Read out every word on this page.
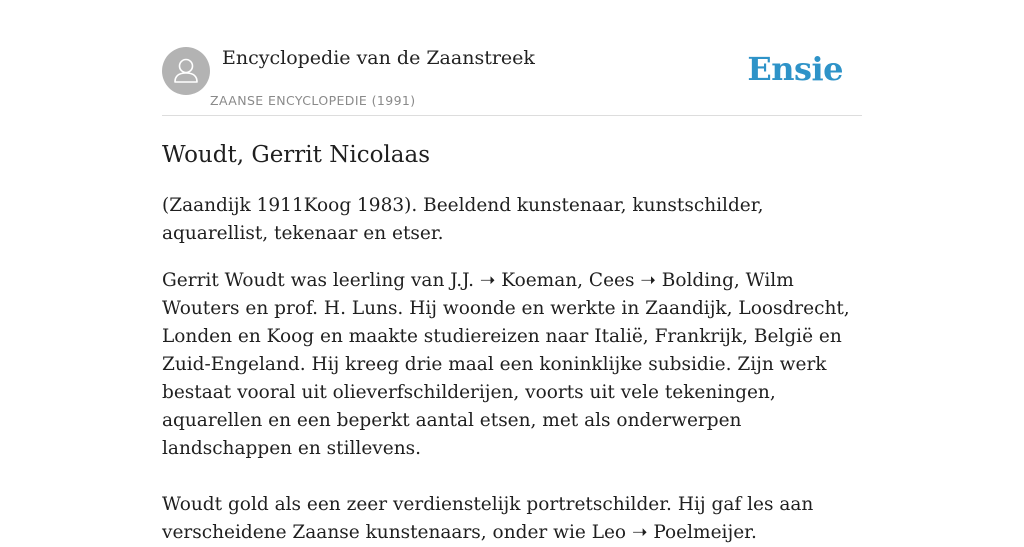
Encyclopedie van de Zaanstreek
ZAANSE ENCYCLOPEDIE (1991)
Ensie
Woudt, Gerrit Nicolaas

(Zaandijk 1911Koog 1983). Beeldend kunstenaar, kunstschilder, aquarellist, tekenaar en etser.

Gerrit Woudt was leerling van J.J. ➝ Koeman, Cees ➝ Bolding, Wilm Wouters en prof. H. Luns. Hij woonde en werkte in Zaandijk, Loosdrecht, Londen en Koog en maakte studiereizen naar Italië, Frankrijk, België en Zuid-Engeland. Hij kreeg drie maal een koninklijke subsidie. Zijn werk bestaat vooral uit olieverfschilderijen, voorts uit vele tekeningen, aquarellen en een beperkt aantal etsen, met als onderwerpen landschappen en stillevens.

Woudt gold als een zeer verdienstelijk portretschilder. Hij gaf les aan verscheidene Zaanse kunstenaars, onder wie Leo ➝ Poelmeijer.
